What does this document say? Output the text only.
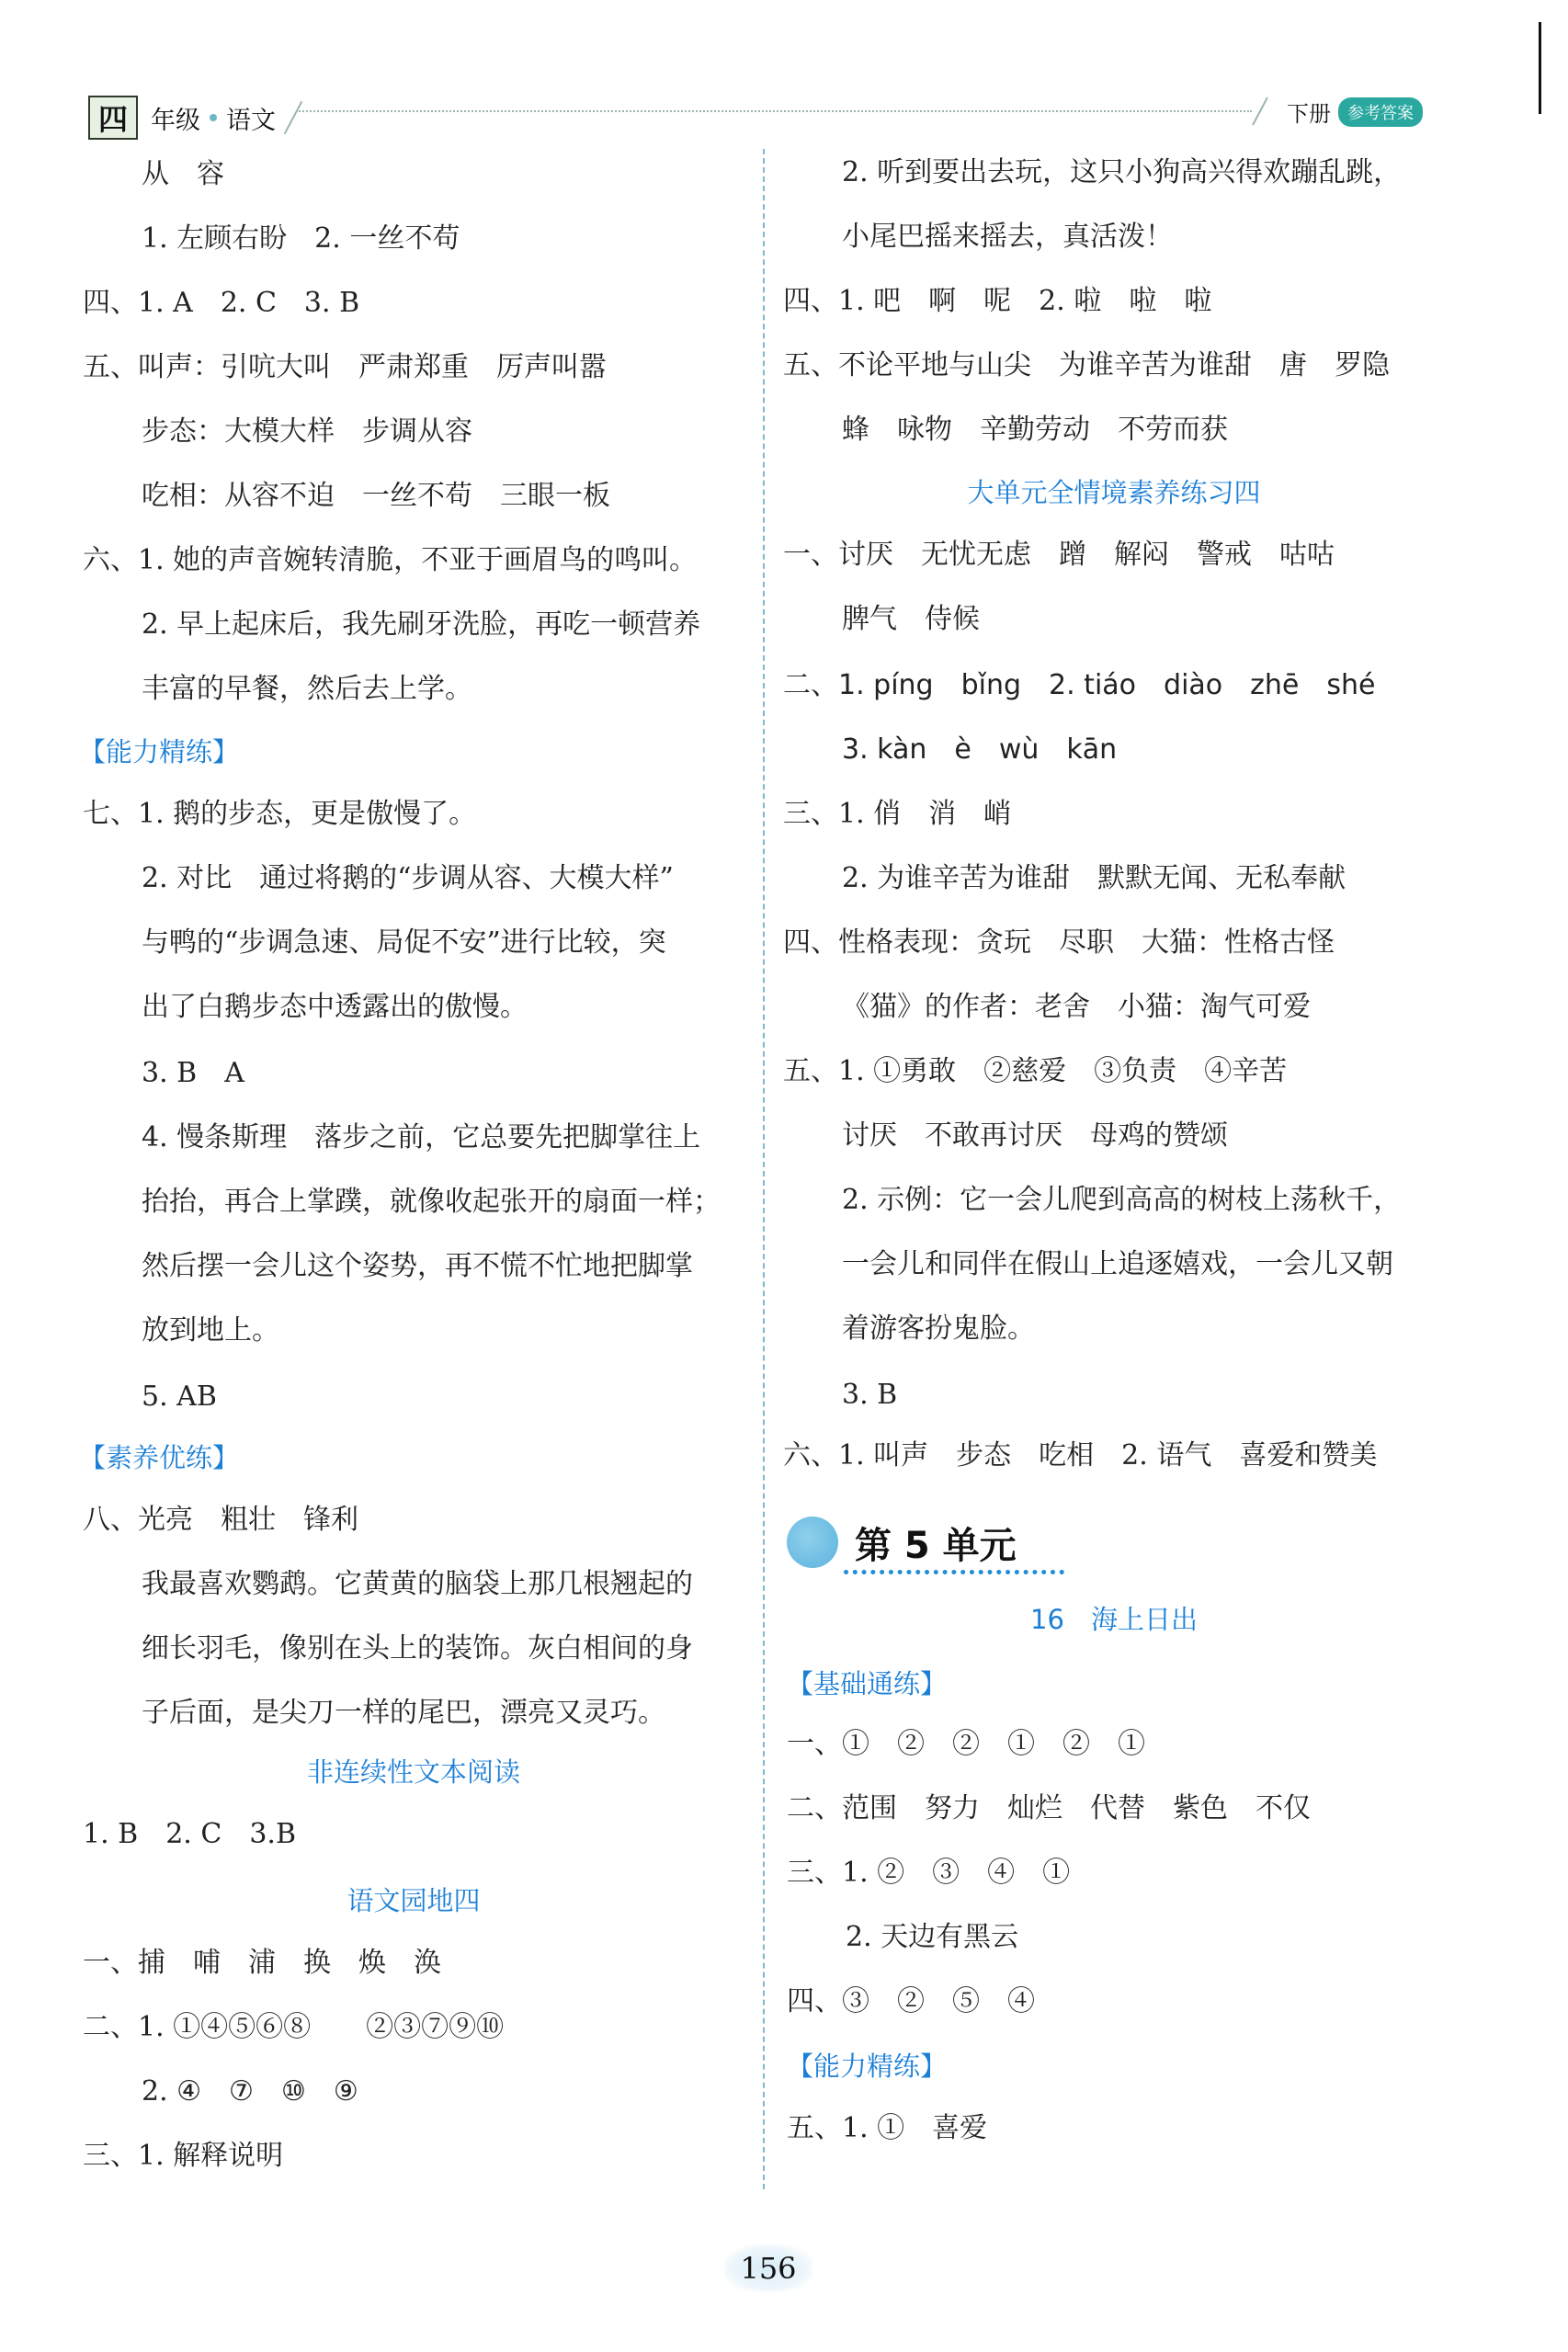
四 年级 语文	下册	参考答案
从　容
1. 左顾右盼　2. 一丝不苟
四、1. A　2. C　3. B
五、叫声：引吭大叫　严肃郑重　厉声叫嚣
步态：大模大样　步调从容
吃相：从容不迫　一丝不苟　三眼一板
六、1. 她的声音婉转清脆，不亚于画眉鸟的鸣叫。
2. 早上起床后，我先刷牙洗脸，再吃一顿营养
丰富的早餐，然后去上学。
【能力精练】
七、1. 鹅的步态，更是傲慢了。
2. 对比　通过将鹅的“步调从容、大模大样”
与鸭的“步调急速、局促不安”进行比较，突
出了白鹅步态中透露出的傲慢。
3. B　A
4. 慢条斯理　落步之前，它总要先把脚掌往上
抬抬，再合上掌蹼，就像收起张开的扇面一样；
然后摆一会儿这个姿势，再不慌不忙地把脚掌
放到地上。
5. AB
【素养优练】
八、光亮　粗壮　锋利
我最喜欢鹦鹉。它黄黄的脑袋上那几根翘起的
细长羽毛，像别在头上的装饰。灰白相间的身
子后面，是尖刀一样的尾巴，漂亮又灵巧。
非连续性文本阅读
1. B　2. C　3.B
语文园地四
一、捕　哺　浦　换　焕　涣
二、1. ①④⑤⑥⑧　　②③⑦⑨⑩
2. ④　⑦　⑩　⑨
三、1. 解释说明
2. 听到要出去玩，这只小狗高兴得欢蹦乱跳，
小尾巴摇来摇去，真活泼！
四、1. 吧　啊　呢　2. 啦　啦　啦
五、不论平地与山尖　为谁辛苦为谁甜　唐　罗隐
蜂　咏物　辛勤劳动　不劳而获
大单元全情境素养练习四
一、讨厌　无忧无虑　蹭　解闷　警戒　咕咕
脾气　侍候
二、1. píng　bǐng　2. tiáo　diào　zhē　shé
3. kàn　è　wù　kān
三、1. 俏　消　峭
2. 为谁辛苦为谁甜　默默无闻、无私奉献
四、性格表现：贪玩　尽职　大猫：性格古怪
《猫》的作者：老舍　小猫：淘气可爱
五、1. ①勇敢　②慈爱　③负责　④辛苦
讨厌　不敢再讨厌　母鸡的赞颂
2. 示例：它一会儿爬到高高的树枝上荡秋千，
一会儿和同伴在假山上追逐嬉戏，一会儿又朝
着游客扮鬼脸。
3. B
六、1. 叫声　步态　吃相　2. 语气　喜爱和赞美
第 5 单元
16　海上日出
【基础通练】
一、①　②　②　①　②　①
二、范围　努力　灿烂　代替　紫色　不仅
三、1. ②　③　④　①
2. 天边有黑云
四、③　②　⑤　④
【能力精练】
五、1. ①　喜爱
156
